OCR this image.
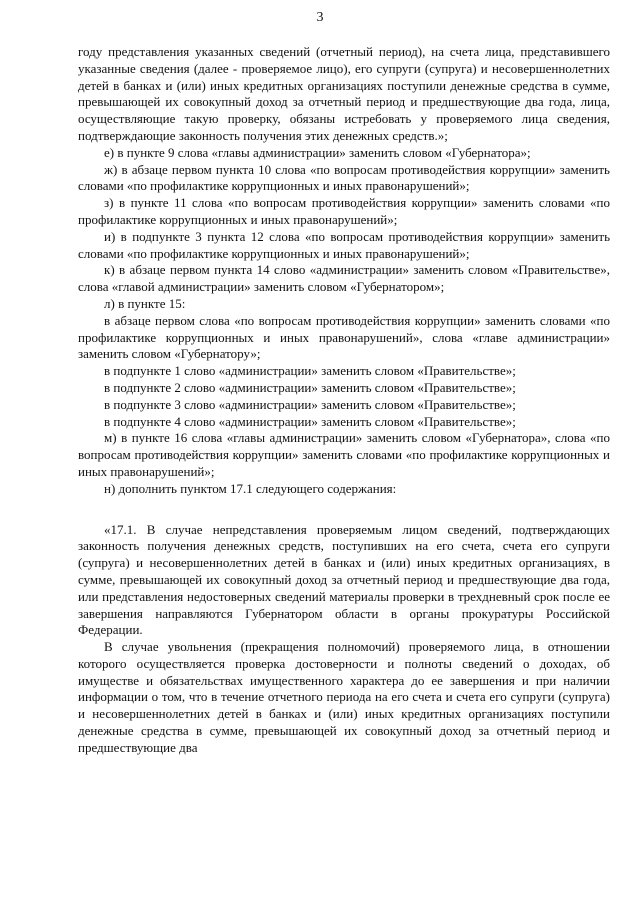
3

году представления указанных сведений (отчетный период), на счета лица, представившего указанные сведения (далее - проверяемое лицо), его супруги (супруга) и несовершеннолетних детей в банках и (или) иных кредитных организациях поступили денежные средства в сумме, превышающей их совокупный доход за отчетный период и предшествующие два года, лица, осуществляющие такую проверку, обязаны истребовать у проверяемого лица сведения, подтверждающие законность получения этих денежных средств.»;

е) в пункте 9 слова «главы администрации» заменить словом «Губернатора»;

ж) в абзаце первом пункта 10 слова «по вопросам противодействия коррупции» заменить словами «по профилактике коррупционных и иных правонарушений»;

з) в пункте 11 слова «по вопросам противодействия коррупции» заменить словами «по профилактике коррупционных и иных правонарушений»;

и) в подпункте 3 пункта 12 слова «по вопросам противодействия коррупции» заменить словами «по профилактике коррупционных и иных правонарушений»;

к) в абзаце первом пункта 14 слово «администрации» заменить словом «Правительстве», слова «главой администрации» заменить словом «Губернатором»;

л) в пункте 15:

в абзаце первом слова «по вопросам противодействия коррупции» заменить словами «по профилактике коррупционных и иных правонарушений», слова «главе администрации» заменить словом «Губернатору»;

в подпункте 1 слово «администрации» заменить словом «Правительстве»;

в подпункте 2 слово «администрации» заменить словом «Правительстве»;

в подпункте 3 слово «администрации» заменить словом «Правительстве»;

в подпункте 4 слово «администрации» заменить словом «Правительстве»;

м) в пункте 16 слова «главы администрации» заменить словом «Губернатора», слова «по вопросам противодействия коррупции» заменить словами «по профилактике коррупционных и иных правонарушений»;

н) дополнить пунктом 17.1 следующего содержания:

«17.1. В случае непредставления проверяемым лицом сведений, подтверждающих законность получения денежных средств, поступивших на его счета, счета его супруги (супруга) и несовершеннолетних детей в банках и (или) иных кредитных организациях, в сумме, превышающей их совокупный доход за отчетный период и предшествующие два года, или представления недостоверных сведений материалы проверки в трехдневный срок после ее завершения направляются Губернатором области в органы прокуратуры Российской Федерации.

В случае увольнения (прекращения полномочий) проверяемого лица, в отношении которого осуществляется проверка достоверности и полноты сведений о доходах, об имуществе и обязательствах имущественного характера до ее завершения и при наличии информации о том, что в течение отчетного периода на его счета и счета его супруги (супруга) и несовершеннолетних детей в банках и (или) иных кредитных организациях поступили денежные средства в сумме, превышающей их совокупный доход за отчетный период и предшествующие два
